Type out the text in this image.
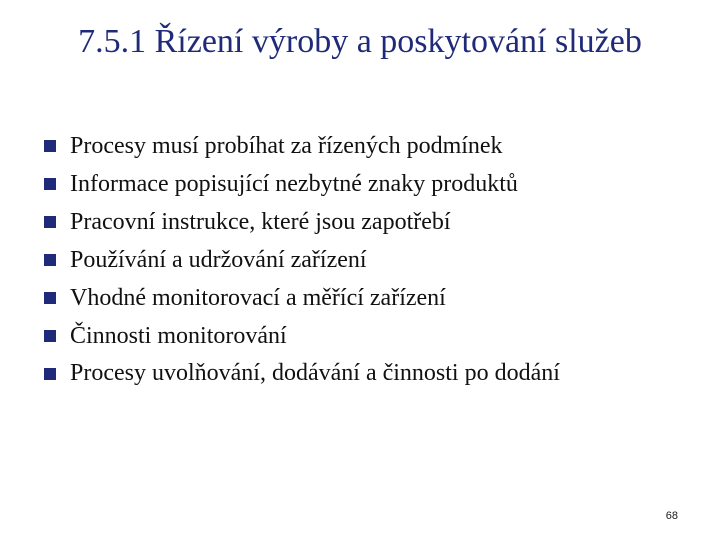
7.5.1 Řízení výroby a poskytování služeb
Procesy musí probíhat za řízených podmínek
Informace popisující nezbytné znaky produktů
Pracovní instrukce, které jsou zapotřebí
Používání a udržování zařízení
Vhodné monitorovací a měřící zařízení
Činnosti monitorování
Procesy uvolňování, dodávání a činnosti po dodání
68
